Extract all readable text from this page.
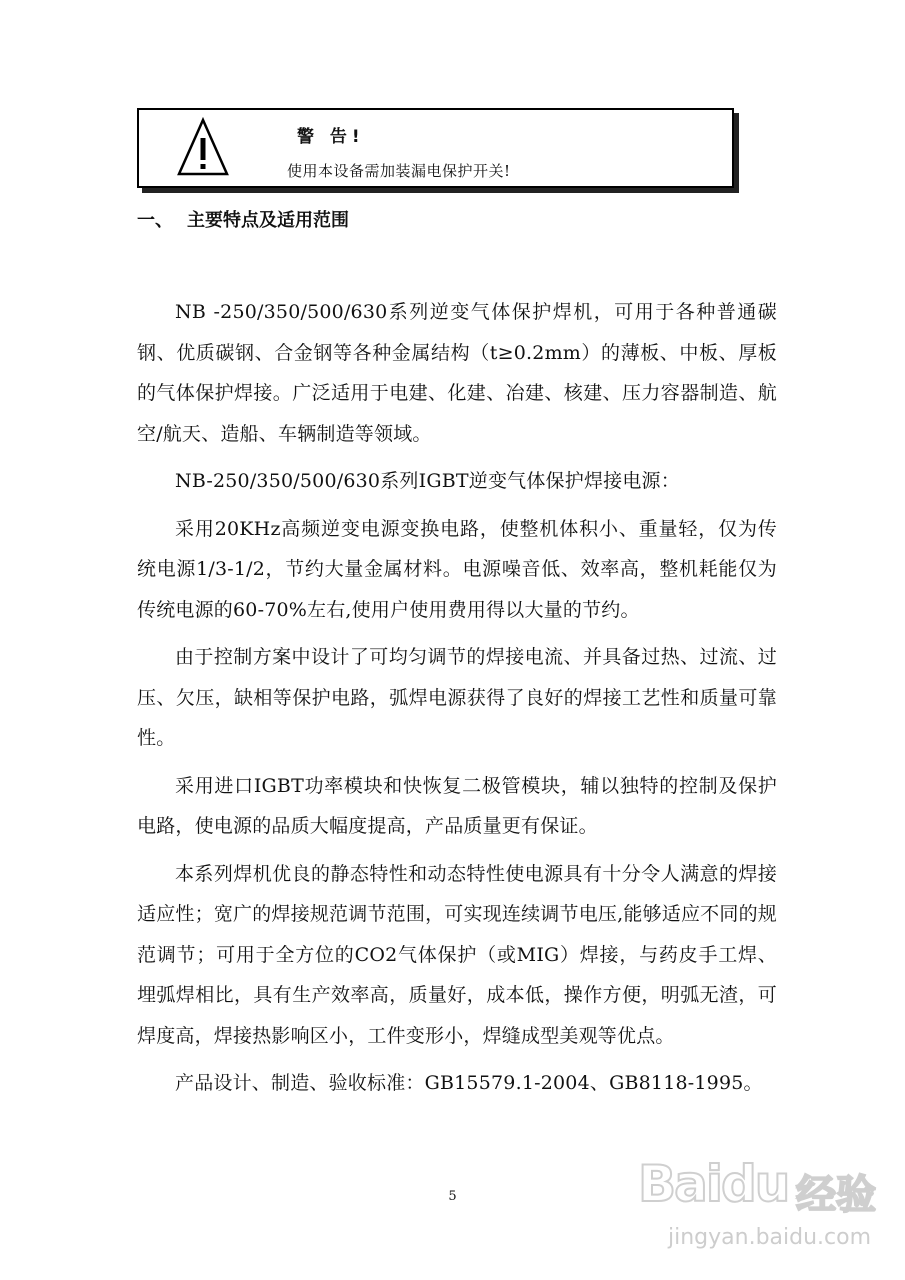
警 告!
使用本设备需加装漏电保护开关!
一、 主要特点及适用范围

NB -250/350/500/630系列逆变气体保护焊机，可用于各种普通碳钢、优质碳钢、合金钢等各种金属结构（t≥0.2mm）的薄板、中板、厚板的气体保护焊接。广泛适用于电建、化建、冶建、核建、压力容器制造、航空/航天、造船、车辆制造等领域。

NB-250/350/500/630系列IGBT逆变气体保护焊接电源：

采用20KHz高频逆变电源变换电路，使整机体积小、重量轻，仅为传统电源1/3-1/2，节约大量金属材料。电源噪音低、效率高，整机耗能仅为传统电源的60-70%左右,使用户使用费用得以大量的节约。

由于控制方案中设计了可均匀调节的焊接电流、并具备过热、过流、过压、欠压，缺相等保护电路，弧焊电源获得了良好的焊接工艺性和质量可靠性。

采用进口IGBT功率模块和快恢复二极管模块，辅以独特的控制及保护电路，使电源的品质大幅度提高，产品质量更有保证。

本系列焊机优良的静态特性和动态特性使电源具有十分令人满意的焊接适应性；宽广的焊接规范调节范围，可实现连续调节电压,能够适应不同的规范调节；可用于全方位的CO2气体保护（或MIG）焊接，与药皮手工焊、埋弧焊相比，具有生产效率高，质量好，成本低，操作方便，明弧无渣，可焊度高，焊接热影响区小，工件变形小，焊缝成型美观等优点。

产品设计、制造、验收标准：GB15579.1-2004、GB8118-1995。

5	Baidu 经验
jingyan.baidu.com
